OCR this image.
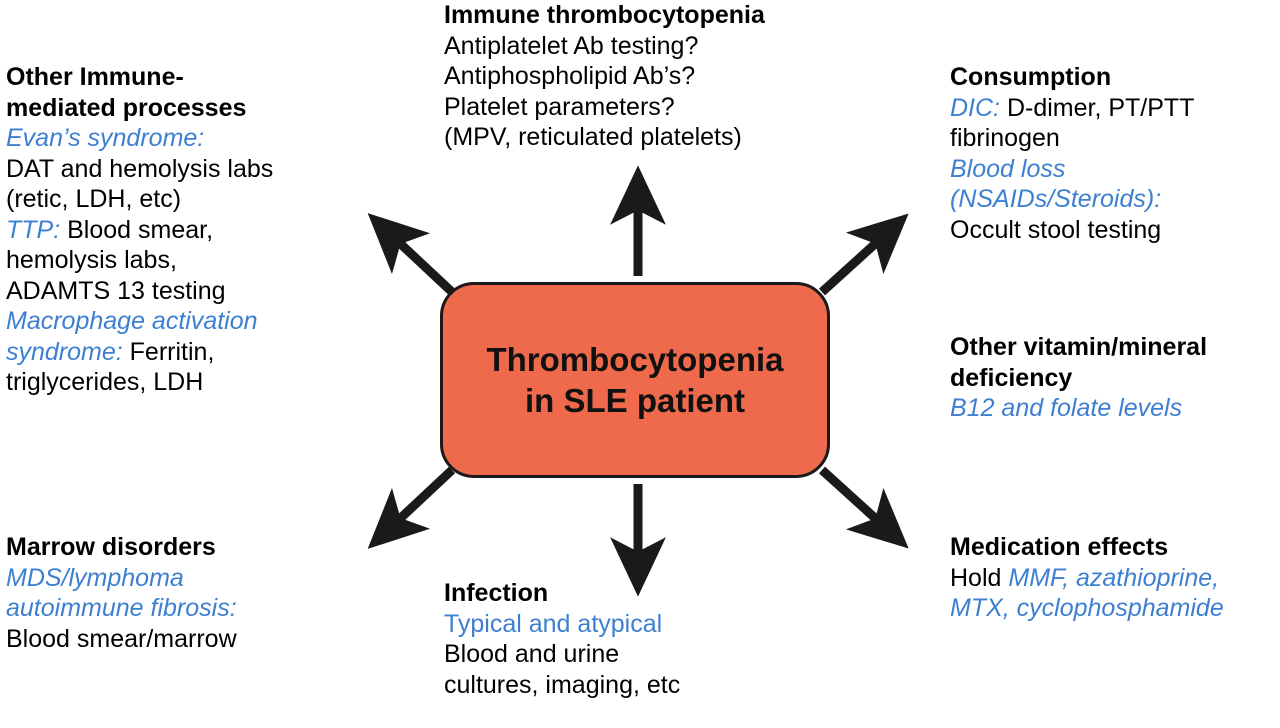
Thrombocytopenia
in SLE patient
Immune thrombocytopenia
Antiplatelet Ab testing?
Antiphospholipid Ab’s?
Platelet parameters?
(MPV, reticulated platelets)
Other Immune-
mediated processes
Evan’s syndrome:
DAT and hemolysis labs
(retic, LDH, etc)
TTP: Blood smear,
hemolysis labs,
ADAMTS 13 testing
Macrophage activation
syndrome: Ferritin,
triglycerides, LDH
Consumption
DIC: D-dimer, PT/PTT
fibrinogen
Blood loss
(NSAIDs/Steroids):
Occult stool testing
Other vitamin/mineral
deficiency
B12 and folate levels
Marrow disorders
MDS/lymphoma
autoimmune fibrosis:
Blood smear/marrow
Infection
Typical and atypical
Blood and urine
cultures, imaging, etc
Medication effects
Hold MMF, azathioprine,
MTX, cyclophosphamide
